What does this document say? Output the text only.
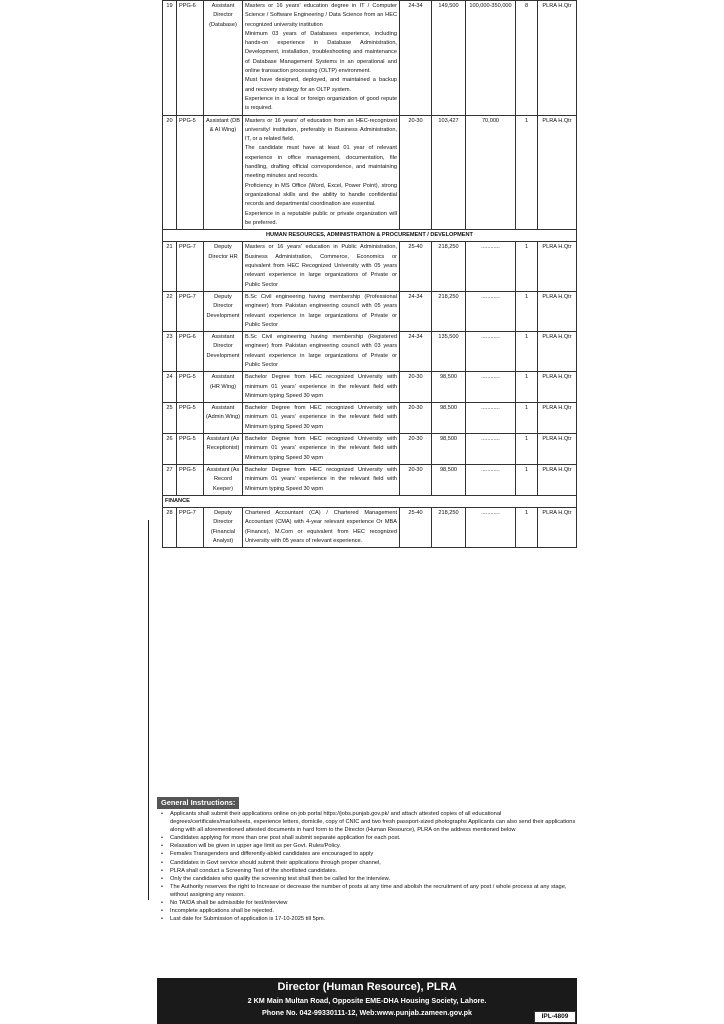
19	PPG-6	Assistant Director (Database)	Masters or 16 years' education degree in IT / Computer Science / Software Engineering / Data Science from an HEC recognized university institution
Minimum 03 years of Databases experience, including hands-on experience in Database Administration, Development, installation, troubleshooting and maintenance of Database Management Systems in an operational and online transaction processing (OLTP) environment.
Must have designed, deployed, and maintained a backup and recovery strategy for an OLTP system.
Experience in a local or foreign organization of good repute is required.	24-34	149,500	100,000-350,000	8	PLRA H.Qtr
20	PPG-5	Assistant (DB & AI Wing)	Masters or 16 years' of education from an HEC-recognized university/ institution, preferably in Business Administration, IT, or a related field.
The candidate must have at least 01 year of relevant experience in office management, documentation, file handling, drafting official correspondence, and maintaining meeting minutes and records.
Proficiency in MS Office (Word, Excel, Power Point), strong organizational skills and the ability to handle confidential records and departmental coordination are essential.
Experience in a reputable public or private organization will be preferred.	20-30	103,427	70,000	1	PLRA H.Qtr
HUMAN RESOURCES, ADMINISTRATION & PROCUREMENT / DEVELOPMENT								
21	PPG-7	Deputy Director HR	Masters or 16 years' education in Public Administration, Business Administration, Commerce, Economics or equivalent from HEC Recognized University with 05 years relevant experience in large organizations of Private or Public Sector	25-40	218,250	............	1	PLRA H.Qtr
22	PPG-7	Deputy Director Development	B.Sc Civil engineering having membership (Professional engineer) from Pakistan engineering council with 05 years relevant experience in large organizations of Private or Public Sector	24-34	218,250	............	1	PLRA H.Qtr
23	PPG-6	Assistant Director Development	B.Sc Civil engineering having membership (Registered engineer) from Pakistan engineering council with 03 years relevant experience in large organizations of Private or Public Sector	24-34	135,500	............	1	PLRA H.Qtr
24	PPG-5	Assistant (HR Wing)	Bachelor Degree from HEC recognized University with minimum 01 years' experience in the relevant field with Minimum typing Speed 30 wpm	20-30	98,500	............	1	PLRA H.Qtr
25	PPG-5	Assistant (Admin Wing)	Bachelor Degree from HEC recognized University with minimum 01 years' experience in the relevant field with Minimum typing Speed 30 wpm	20-30	98,500	............	1	PLRA H.Qtr
26	PPG-5	Assistant (As Receptionist)	Bachelor Degree from HEC recognized University with minimum 01 years' experience in the relevant field with Minimum typing Speed 30 wpm	20-30	98,500	............	1	PLRA H.Qtr
27	PPG-5	Assistant (As Record Keeper)	Bachelor Degree from HEC recognized University with minimum 01 years' experience in the relevant field with Minimum typing Speed 30 wpm	20-30	98,500	............	1	PLRA H.Qtr
FINANCE								
28	PPG-7	Deputy Director (Financial Analyst)	Chartered Accountant (CA) / Chartered Management Accountant (CMA) with 4-year relevant experience Or MBA (Finance), M.Com or equivalent from HEC recognized University with 05 years of relevant experience.	25-40	218,250	............	1	PLRA H.Qtr
General Instructions:
• Applicants shall submit their applications online on job portal https://jobs.punjab.gov.pk/ and attach attested copies of all educational degrees/certificates/marksheets, experience letters, domicile, copy of CNIC and two fresh passport-sized photographs Applicants can also send their applications along with all aforementioned attested documents in hard form to the Director (Human Resource), PLRA on the address mentioned below
• Candidates applying for more than one post shall submit separate application for each post.
• Relaxation will be given in upper age limit as per Govt. Rules/Policy.
• Females Transgenders and differently-abled candidates are encouraged to apply
• Candidates in Govt service should submit their applications through proper channel,
• PLRA shall conduct a Screening Test of the shortlisted candidates.
• Only the candidates who qualify the screening test shall then be called for the interview.
• The Authority reserves the right to Increase or decrease the number of posts at any time and abolish the recruitment of any post / whole process at any stage, without assigning any reason.
• No TA/DA shall be admissible for test/interview
• Incomplete applications shall be rejected.
• Last date for Submission of application is 17-10-2025 till 5pm.
Director (Human Resource), PLRA
2 KM Main Multan Road, Opposite EME-DHA Housing Society, Lahore.
Phone No. 042-99330111-12, Web:www.punjab.zameen.gov.pk	IPL-4809
